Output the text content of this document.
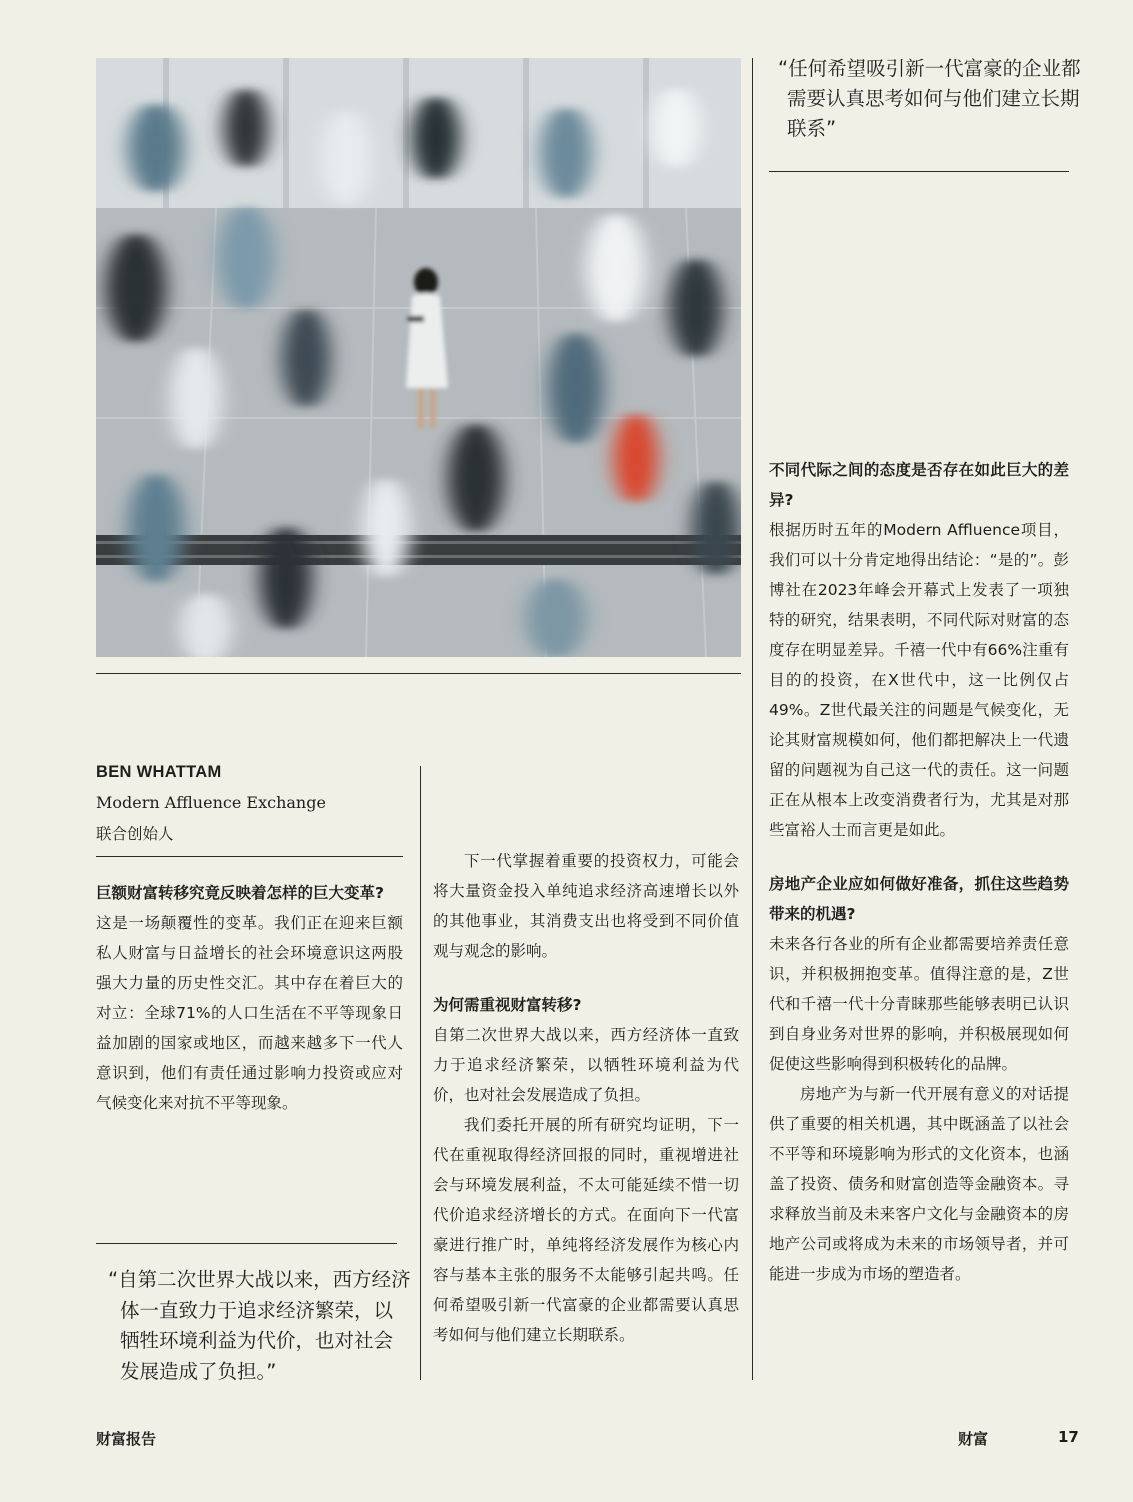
“任何希望吸引新一代富豪的企业都需要认真思考如何与他们建立长期联系”
BEN WHATTAM
Modern Affluence Exchange
联合创始人

巨额财富转移究竟反映着怎样的巨大变革?

这是一场颠覆性的变革。我们正在迎来巨额私人财富与日益增长的社会环境意识这两股强大力量的历史性交汇。其中存在着巨大的对立：全球71%的人口生活在不平等现象日益加剧的国家或地区，而越来越多下一代人意识到，他们有责任通过影响力投资或应对气候变化来对抗不平等现象。

“自第二次世界大战以来，西方经济体一直致力于追求经济繁荣，以牺牲环境利益为代价，也对社会发展造成了负担。”

下一代掌握着重要的投资权力，可能会将大量资金投入单纯追求经济高速增长以外的其他事业，其消费支出也将受到不同价值观与观念的影响。

为何需重视财富转移?

自第二次世界大战以来，西方经济体一直致力于追求经济繁荣，以牺牲环境利益为代价，也对社会发展造成了负担。

我们委托开展的所有研究均证明，下一代在重视取得经济回报的同时，重视增进社会与环境发展利益，不太可能延续不惜一切代价追求经济增长的方式。在面向下一代富豪进行推广时，单纯将经济发展作为核心内容与基本主张的服务不太能够引起共鸣。任何希望吸引新一代富豪的企业都需要认真思考如何与他们建立长期联系。

不同代际之间的态度是否存在如此巨大的差异?

根据历时五年的Modern Affluence项目，我们可以十分肯定地得出结论：“是的”。彭博社在2023年峰会开幕式上发表了一项独特的研究，结果表明，不同代际对财富的态度存在明显差异。千禧一代中有66%注重有目的的投资，在X世代中，这一比例仅占49%。Z世代最关注的问题是气候变化，无论其财富规模如何，他们都把解决上一代遗留的问题视为自己这一代的责任。这一问题正在从根本上改变消费者行为，尤其是对那些富裕人士而言更是如此。

房地产企业应如何做好准备，抓住这些趋势带来的机遇?

未来各行各业的所有企业都需要培养责任意识，并积极拥抱变革。值得注意的是，Z世代和千禧一代十分青睐那些能够表明已认识到自身业务对世界的影响，并积极展现如何促使这些影响得到积极转化的品牌。

房地产为与新一代开展有意义的对话提供了重要的相关机遇，其中既涵盖了以社会不平等和环境影响为形式的文化资本，也涵盖了投资、债务和财富创造等金融资本。寻求释放当前及未来客户文化与金融资本的房地产公司或将成为未来的市场领导者，并可能进一步成为市场的塑造者。

财富报告	财富	17
